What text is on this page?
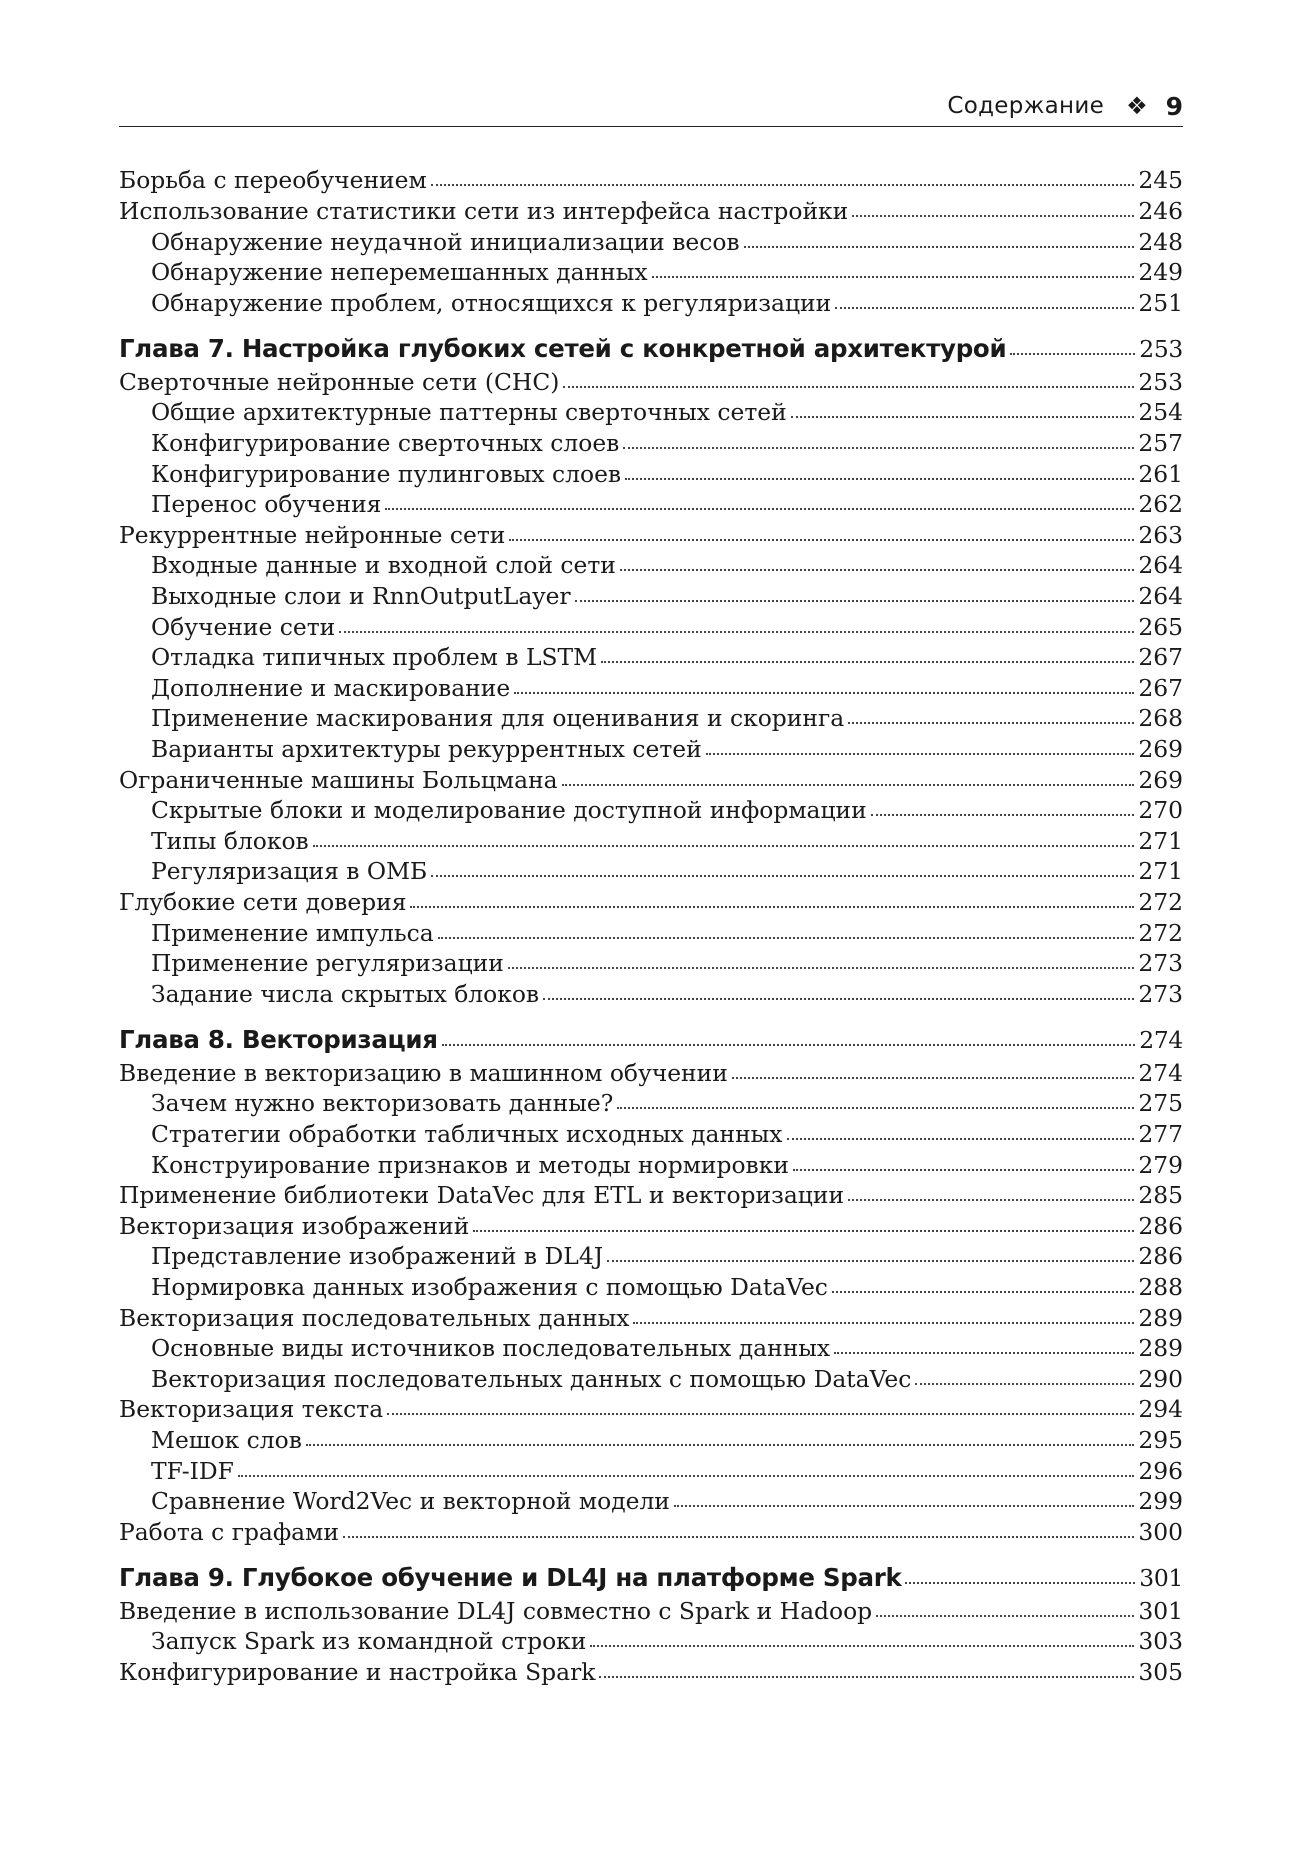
Содержание ❖ 9
Борьба с переобучением	245
Использование статистики сети из интерфейса настройки	246
Обнаружение неудачной инициализации весов	248
Обнаружение неперемешанных данных	249
Обнаружение проблем, относящихся к регуляризации	251
Глава 7. Настройка глубоких сетей с конкретной архитектурой	253
Сверточные нейронные сети (СНС)	253
Общие архитектурные паттерны сверточных сетей	254
Конфигурирование сверточных слоев	257
Конфигурирование пулинговых слоев	261
Перенос обучения	262
Рекуррентные нейронные сети	263
Входные данные и входной слой сети	264
Выходные слои и RnnOutputLayer	264
Обучение сети	265
Отладка типичных проблем в LSTM	267
Дополнение и маскирование	267
Применение маскирования для оценивания и скоринга	268
Варианты архитектуры рекуррентных сетей	269
Ограниченные машины Больцмана	269
Скрытые блоки и моделирование доступной информации	270
Типы блоков	271
Регуляризация в ОМБ	271
Глубокие сети доверия	272
Применение импульса	272
Применение регуляризации	273
Задание числа скрытых блоков	273
Глава 8. Векторизация	274
Введение в векторизацию в машинном обучении	274
Зачем нужно векторизовать данные?	275
Стратегии обработки табличных исходных данных	277
Конструирование признаков и методы нормировки	279
Применение библиотеки DataVec для ETL и векторизации	285
Векторизация изображений	286
Представление изображений в DL4J	286
Нормировка данных изображения с помощью DataVec	288
Векторизация последовательных данных	289
Основные виды источников последовательных данных	289
Векторизация последовательных данных с помощью DataVec	290
Векторизация текста	294
Мешок слов	295
TF-IDF	296
Сравнение Word2Vec и векторной модели	299
Работа с графами	300
Глава 9. Глубокое обучение и DL4J на платформе Spark	301
Введение в использование DL4J совместно с Spark и Hadoop	301
Запуск Spark из командной строки	303
Конфигурирование и настройка Spark	305
